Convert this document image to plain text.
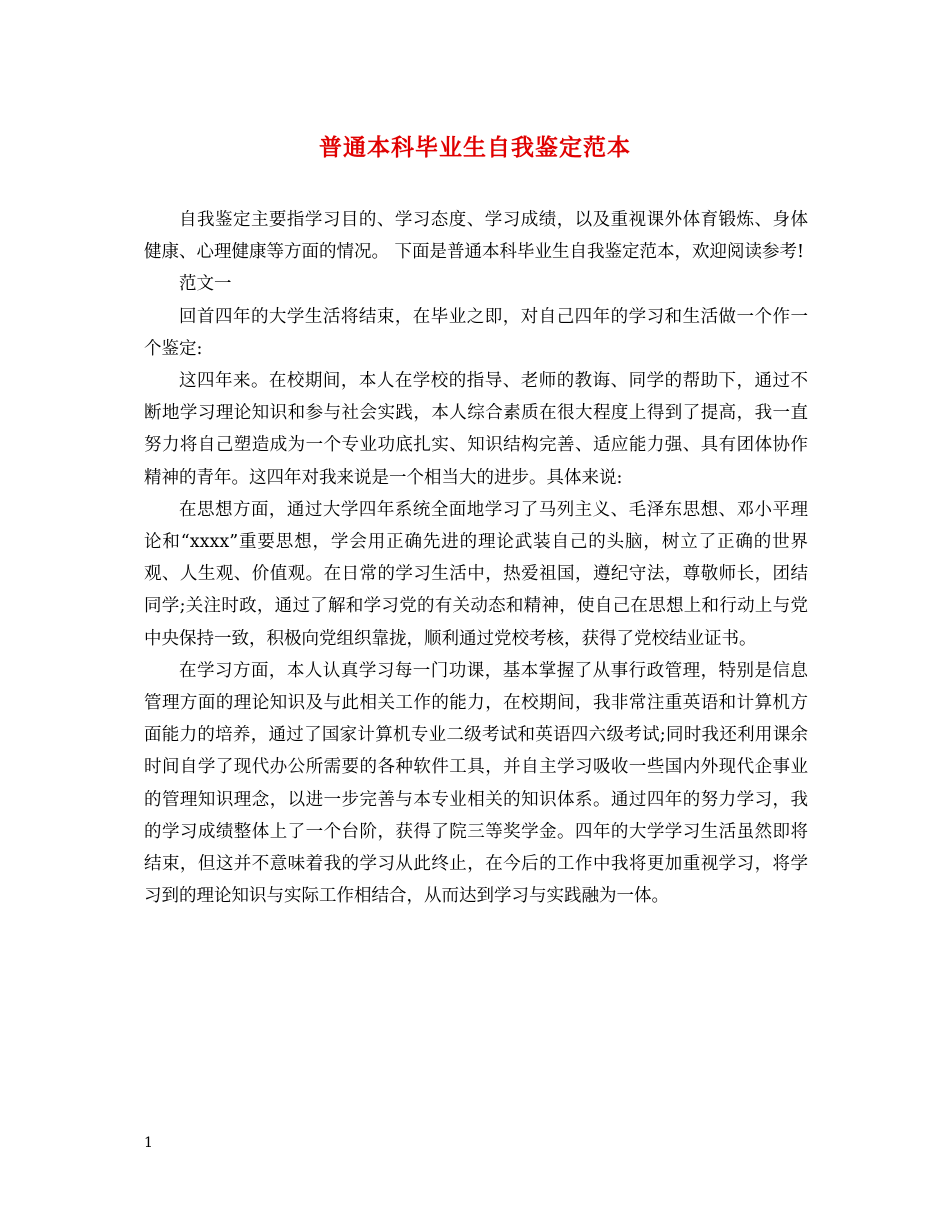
普通本科毕业生自我鉴定范本

自我鉴定主要指学习目的、学习态度、学习成绩，以及重视课外体育锻炼、身体健康、心理健康等方面的情况。 下面是普通本科毕业生自我鉴定范本，欢迎阅读参考!

范文一

回首四年的大学生活将结束，在毕业之即，对自己四年的学习和生活做一个作一个鉴定:

这四年来。在校期间，本人在学校的指导、老师的教诲、同学的帮助下，通过不断地学习理论知识和参与社会实践，本人综合素质在很大程度上得到了提高，我一直努力将自己塑造成为一个专业功底扎实、知识结构完善、适应能力强、具有团体协作精神的青年。这四年对我来说是一个相当大的进步。具体来说:

在思想方面，通过大学四年系统全面地学习了马列主义、毛泽东思想、邓小平理论和“xxxx”重要思想，学会用正确先进的理论武装自己的头脑，树立了正确的世界观、人生观、价值观。在日常的学习生活中，热爱祖国，遵纪守法，尊敬师长，团结同学;关注时政，通过了解和学习党的有关动态和精神，使自己在思想上和行动上与党中央保持一致，积极向党组织靠拢，顺利通过党校考核，获得了党校结业证书。

在学习方面，本人认真学习每一门功课，基本掌握了从事行政管理，特别是信息管理方面的理论知识及与此相关工作的能力，在校期间，我非常注重英语和计算机方面能力的培养，通过了国家计算机专业二级考试和英语四六级考试;同时我还利用课余时间自学了现代办公所需要的各种软件工具，并自主学习吸收一些国内外现代企事业的管理知识理念，以进一步完善与本专业相关的知识体系。通过四年的努力学习，我的学习成绩整体上了一个台阶，获得了院三等奖学金。四年的大学学习生活虽然即将结束，但这并不意味着我的学习从此终止，在今后的工作中我将更加重视学习，将学习到的理论知识与实际工作相结合，从而达到学习与实践融为一体。

1
